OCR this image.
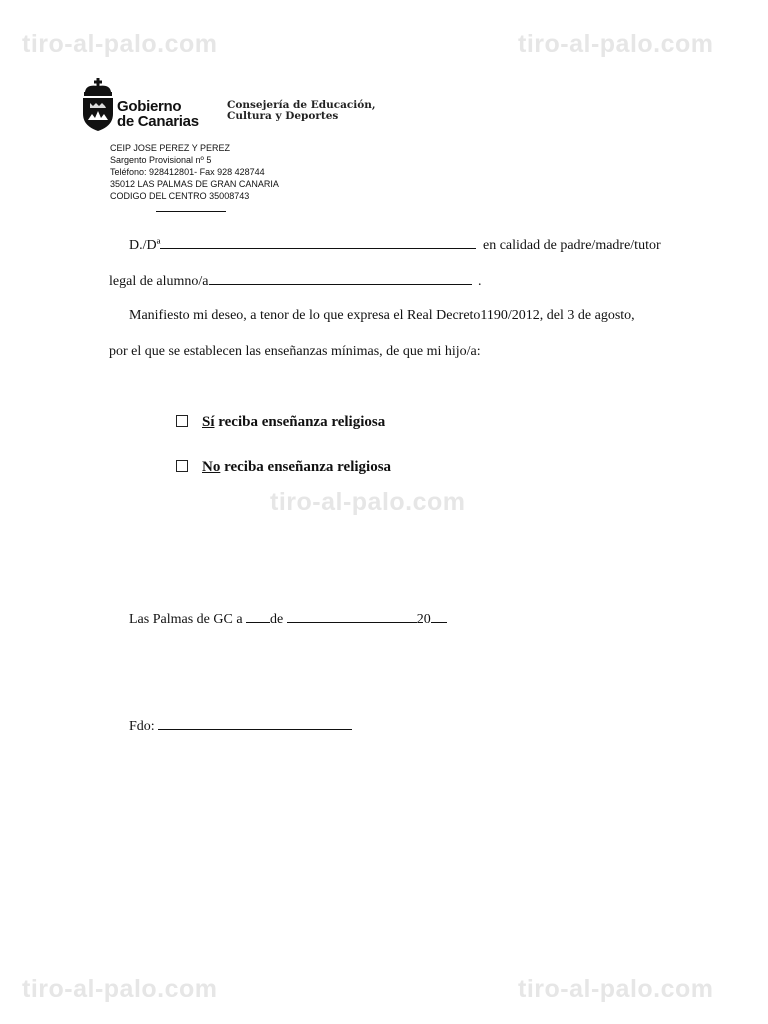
tiro-al-palo.com	tiro-al-palo.com
tiro-al-palo.com
tiro-al-palo.com	tiro-al-palo.com
Gobierno
de Canarias
Consejería de Educación,
Cultura y Deportes
CEIP JOSE PEREZ Y PEREZ
Sargento Provisional nº 5
Teléfono: 928412801- Fax 928 428744
35012 LAS PALMAS DE GRAN CANARIA
CODIGO DEL CENTRO 35008743
D./Dª	en calidad de padre/madre/tutor
legal de alumno/a	.
Manifiesto mi deseo, a tenor de lo que expresa el Real Decreto1190/2012, del 3 de agosto,
por el que se establecen las enseñanzas mínimas, de que mi hijo/a:
Sí reciba enseñanza religiosa
No reciba enseñanza religiosa
Las Palmas de GC a de	20
Fdo:
